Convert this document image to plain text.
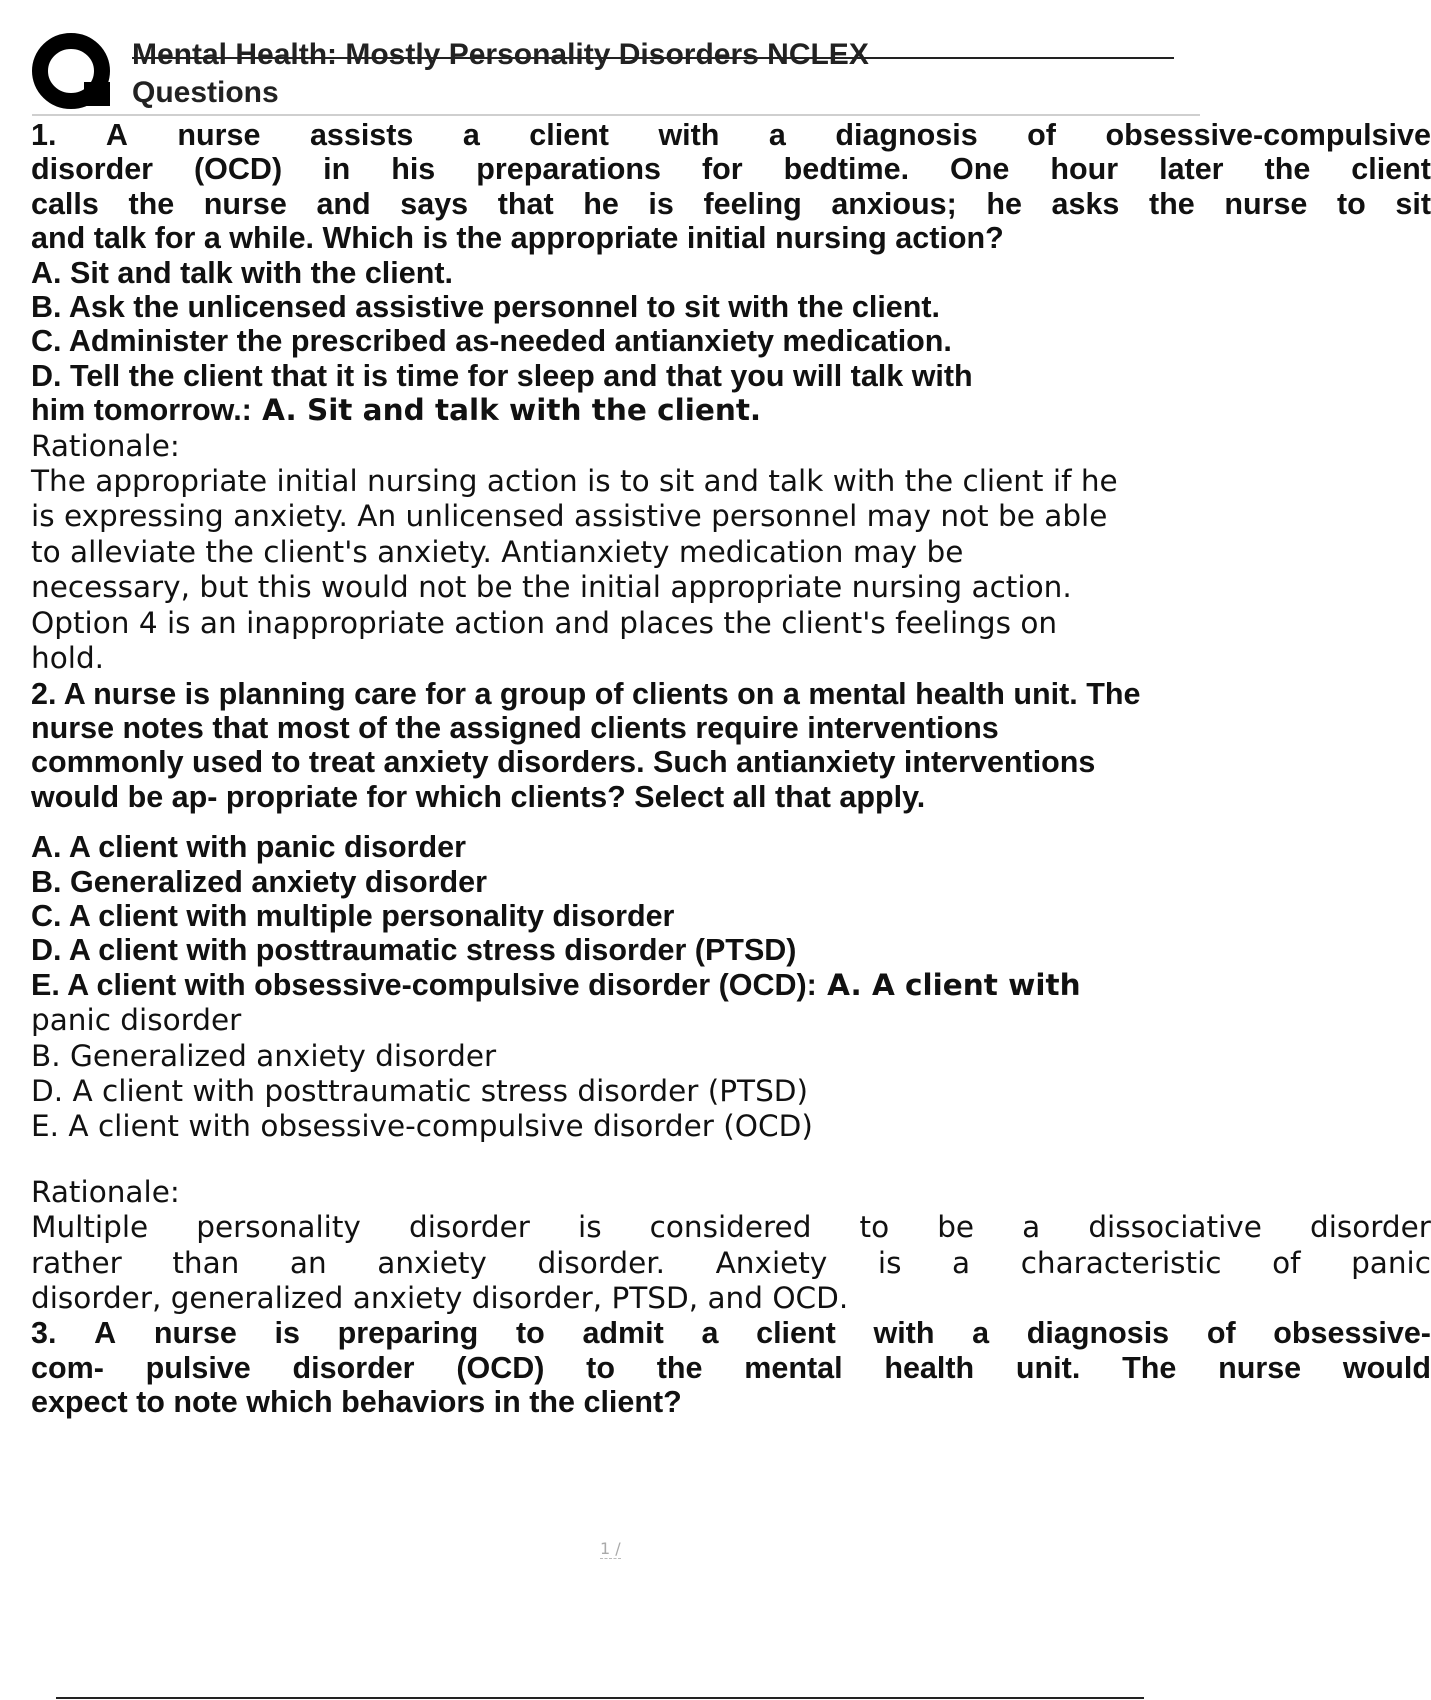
Mental Health: Mostly Personality Disorders NCLEX
Questions

1. A nurse assists a client with a diagnosis of obsessive-compulsive

disorder (OCD) in his preparations for bedtime. One hour later the client

calls the nurse and says that he is feeling anxious; he asks the nurse to sit

and talk for a while. Which is the appropriate initial nursing action?

A. Sit and talk with the client.

B. Ask the unlicensed assistive personnel to sit with the client.

C. Administer the prescribed as-needed antianxiety medication.

D. Tell the client that it is time for sleep and that you will talk with

him tomorrow.: A. Sit and talk with the client.

Rationale:

The appropriate initial nursing action is to sit and talk with the client if he

is expressing anxiety. An unlicensed assistive personnel may not be able

to alleviate the client's anxiety. Antianxiety medication may be

necessary, but this would not be the initial appropriate nursing action.

Option 4 is an inappropriate action and places the client's feelings on

hold.

2. A nurse is planning care for a group of clients on a mental health unit. The

nurse notes that most of the assigned clients require interventions

commonly used to treat anxiety disorders. Such antianxiety interventions

would be ap- propriate for which clients? Select all that apply.

A. A client with panic disorder

B. Generalized anxiety disorder

C. A client with multiple personality disorder

D. A client with posttraumatic stress disorder (PTSD)

E. A client with obsessive-compulsive disorder (OCD): A. A client with

panic disorder

B. Generalized anxiety disorder

D. A client with posttraumatic stress disorder (PTSD)

E. A client with obsessive-compulsive disorder (OCD)

Rationale:

Multiple personality disorder is considered to be a dissociative disorder

rather than an anxiety disorder. Anxiety is a characteristic of panic

disorder, generalized anxiety disorder, PTSD, and OCD.

3. A nurse is preparing to admit a client with a diagnosis of obsessive-

com- pulsive disorder (OCD) to the mental health unit. The nurse would

expect to note which behaviors in the client?

1 /
